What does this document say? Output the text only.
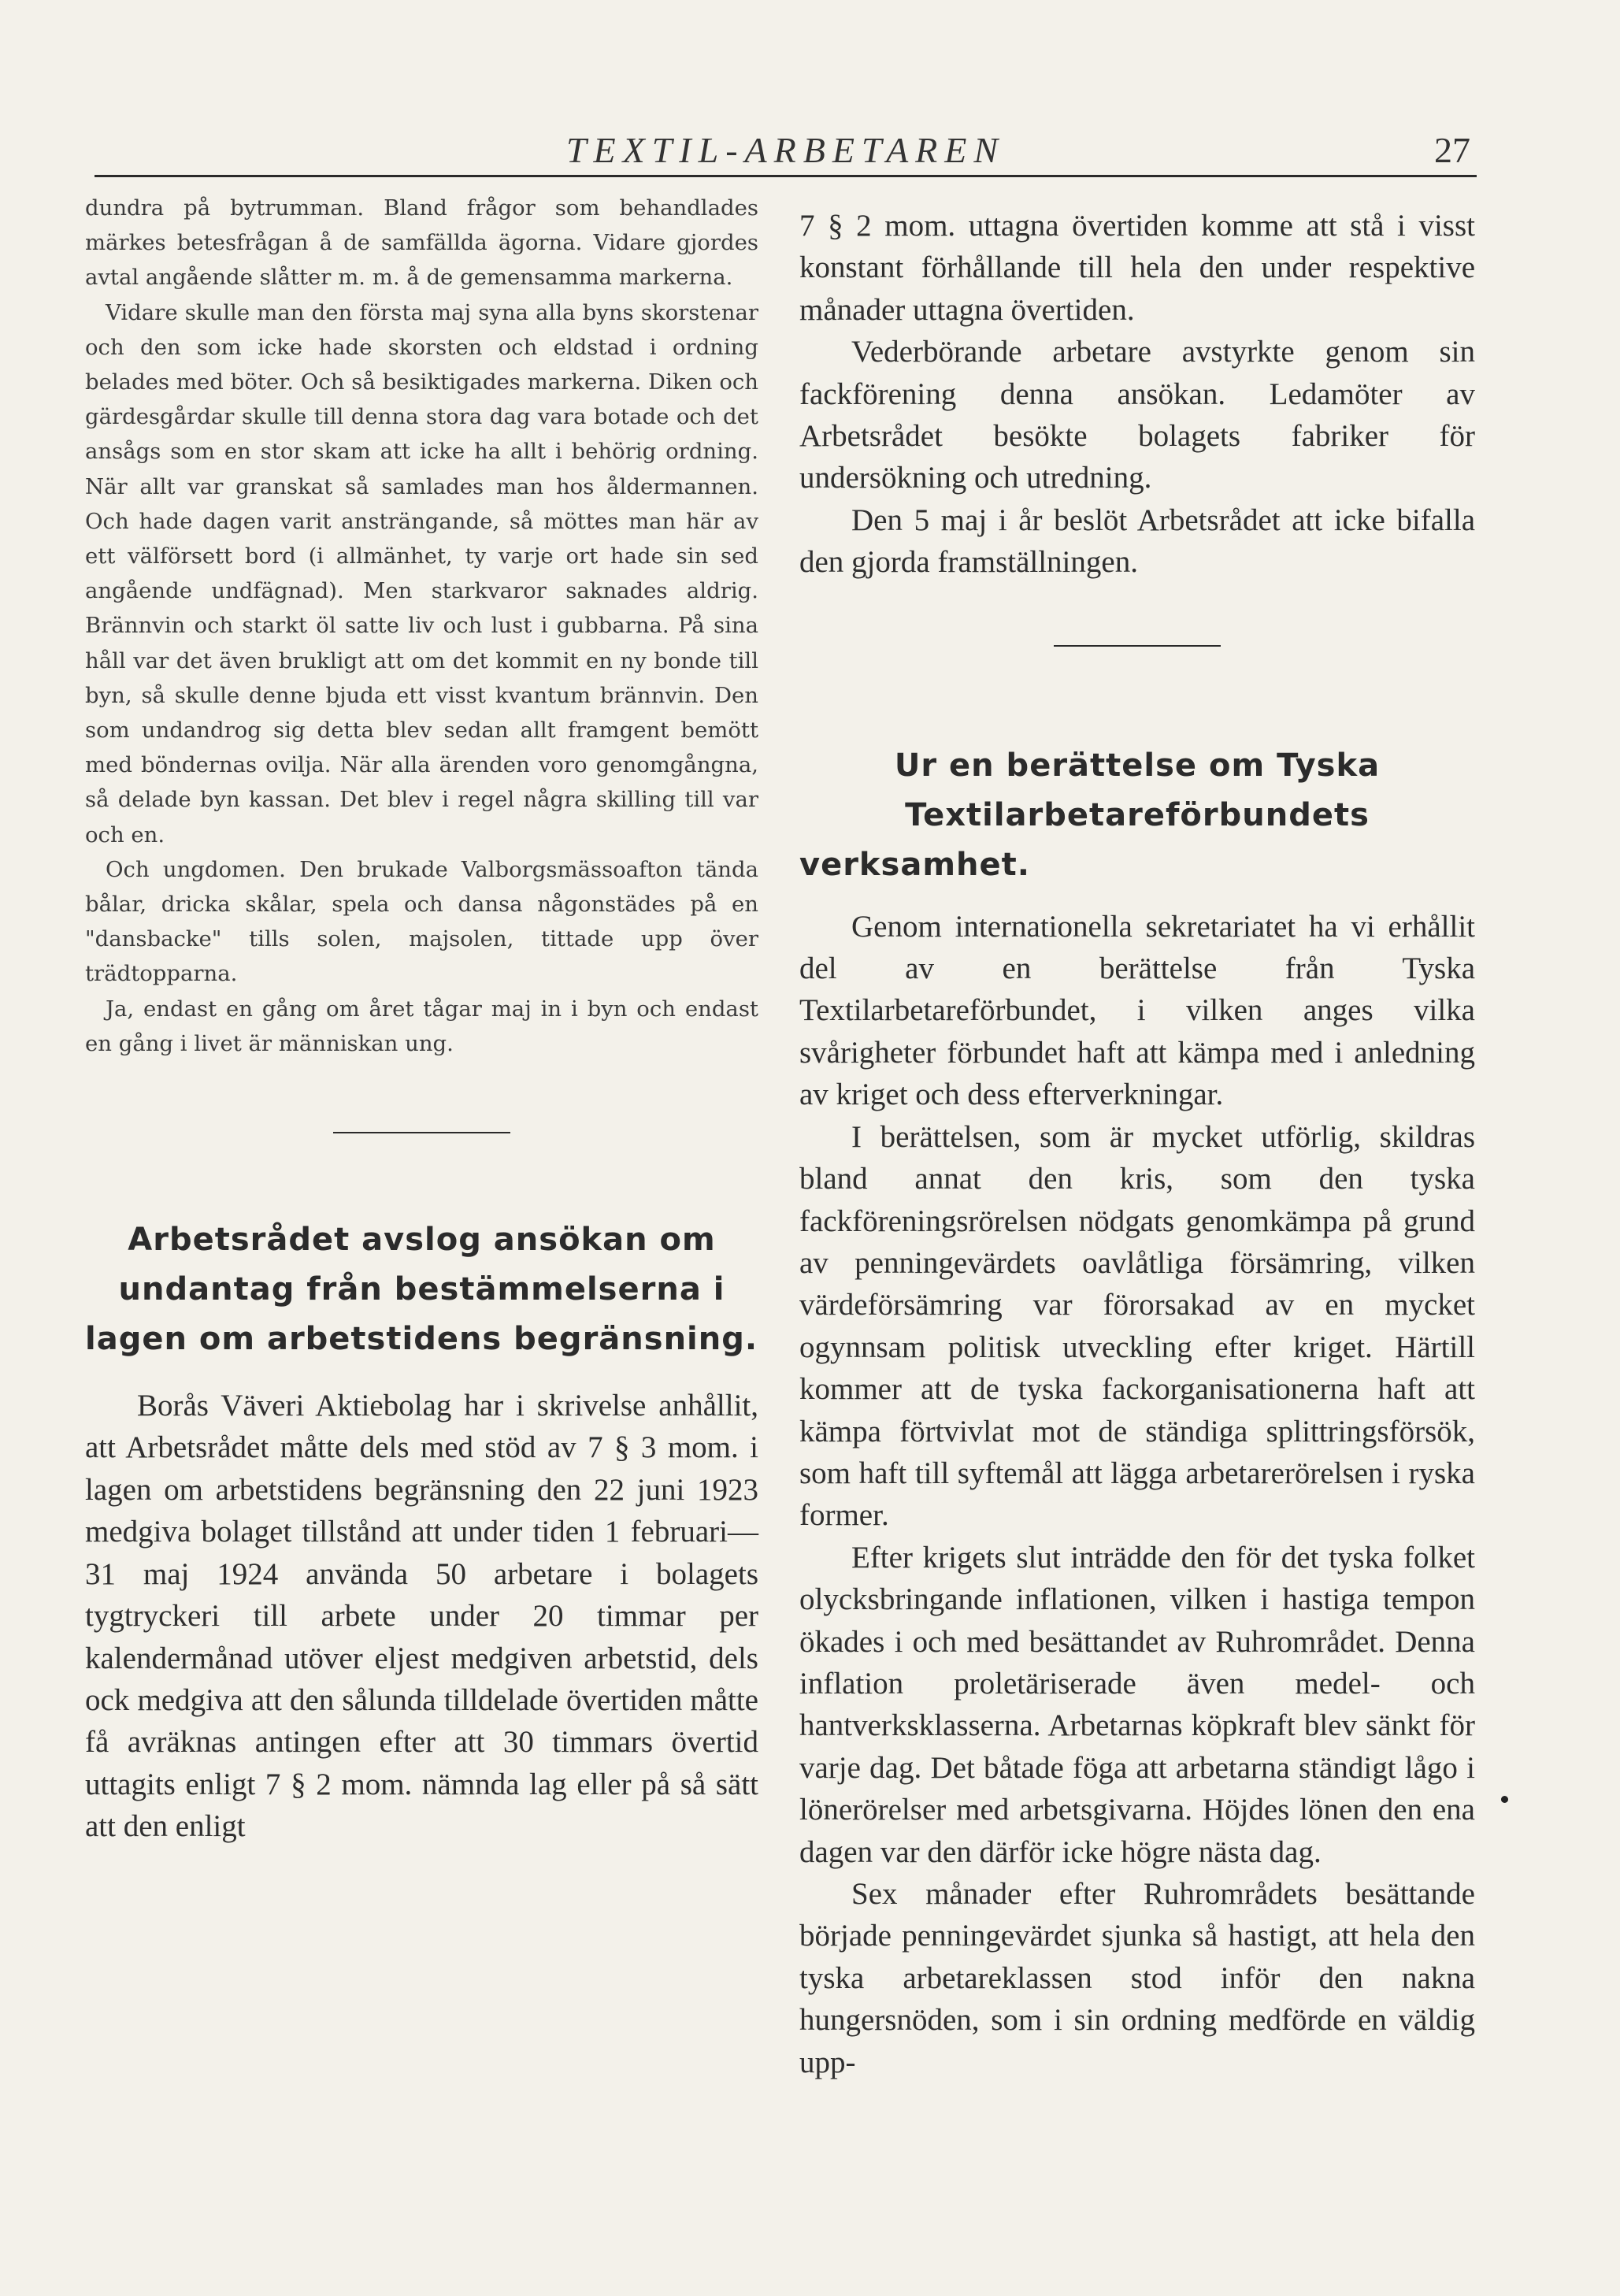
TEXTIL-ARBETAREN	27

dundra på bytrumman. Bland frågor som behandlades märkes betesfrågan å de samfällda ägorna. Vidare gjordes avtal angående slåtter m. m. å de gemensamma markerna.

Vidare skulle man den första maj syna alla byns skorstenar och den som icke hade skorsten och eldstad i ordning belades med böter. Och så besiktigades markerna. Diken och gärdesgårdar skulle till denna stora dag vara botade och det ansågs som en stor skam att icke ha allt i behörig ordning. När allt var granskat så samlades man hos åldermannen. Och hade dagen varit ansträngande, så möttes man här av ett välförsett bord (i allmänhet, ty varje ort hade sin sed angående undfägnad). Men starkvaror saknades aldrig. Brännvin och starkt öl satte liv och lust i gubbarna. På sina håll var det även brukligt att om det kommit en ny bonde till byn, så skulle denne bjuda ett visst kvantum brännvin. Den som undandrog sig detta blev sedan allt framgent bemött med böndernas ovilja. När alla ärenden voro genomgångna, så delade byn kassan. Det blev i regel några skilling till var och en.

Och ungdomen. Den brukade Valborgsmässoafton tända bålar, dricka skålar, spela och dansa någonstädes på en "dansbacke" tills solen, majsolen, tittade upp över trädtopparna.

Ja, endast en gång om året tågar maj in i byn och endast en gång i livet är människan ung.

Arbetsrådet avslog ansökan om undantag från bestämmelserna i lagen om arbetstidens begränsning.

Borås Väveri Aktiebolag har i skrivelse anhållit, att Arbetsrådet måtte dels med stöd av 7 § 3 mom. i lagen om arbetstidens begränsning den 22 juni 1923 medgiva bolaget tillstånd att under tiden 1 februari—31 maj 1924 använda 50 arbetare i bolagets tygtryckeri till arbete under 20 timmar per kalendermånad utöver eljest medgiven arbetstid, dels ock medgiva att den sålunda tilldelade övertiden måtte få avräknas antingen efter att 30 timmars övertid uttagits enligt 7 § 2 mom. nämnda lag eller på så sätt att den enligt

7 § 2 mom. uttagna övertiden komme att stå i visst konstant förhållande till hela den under respektive månader uttagna övertiden.

Vederbörande arbetare avstyrkte genom sin fackförening denna ansökan. Ledamöter av Arbetsrådet besökte bolagets fabriker för undersökning och utredning.

Den 5 maj i år beslöt Arbetsrådet att icke bifalla den gjorda framställningen.

Ur en berättelse om Tyska Textilarbetareförbundets verksamhet.

Genom internationella sekretariatet ha vi erhållit del av en berättelse från Tyska Textilarbetareförbundet, i vilken anges vilka svårigheter förbundet haft att kämpa med i anledning av kriget och dess efterverkningar.

I berättelsen, som är mycket utförlig, skildras bland annat den kris, som den tyska fackföreningsrörelsen nödgats genomkämpa på grund av penningevärdets oavlåtliga försämring, vilken värdeförsämring var förorsakad av en mycket ogynnsam politisk utveckling efter kriget. Härtill kommer att de tyska fackorganisationerna haft att kämpa förtvivlat mot de ständiga splittringsförsök, som haft till syftemål att lägga arbetarerörelsen i ryska former.

Efter krigets slut inträdde den för det tyska folket olycksbringande inflationen, vilken i hastiga tempon ökades i och med besättandet av Ruhrområdet. Denna inflation proletäriserade även medel- och hantverksklasserna. Arbetarnas köpkraft blev sänkt för varje dag. Det båtade föga att arbetarna ständigt lågo i lönerörelser med arbetsgivarna. Höjdes lönen den ena dagen var den därför icke högre nästa dag.

Sex månader efter Ruhrområdets besättande började penningevärdet sjunka så hastigt, att hela den tyska arbetareklassen stod inför den nakna hungersnöden, som i sin ordning medförde en väldig upp-
